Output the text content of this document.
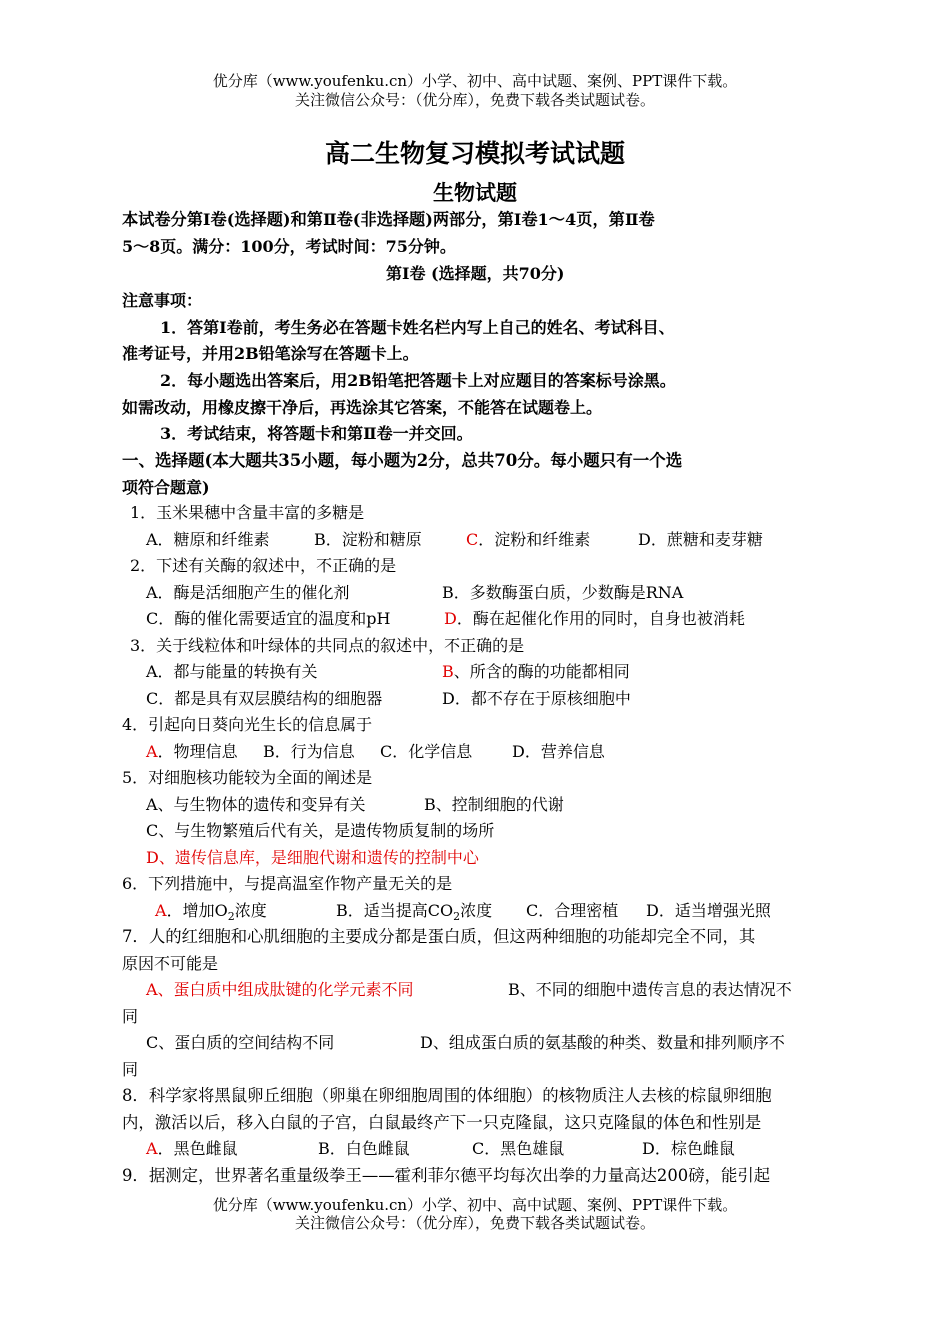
优分库（www.youfenku.cn）小学、初中、高中试题、案例、PPT课件下载。
关注微信公众号：（优分库），免费下载各类试题试卷。
高二生物复习模拟考试试题
生物试题
本试卷分第Ⅰ卷(选择题)和第Ⅱ卷(非选择题)两部分，第Ⅰ卷1～4页，第Ⅱ卷
5～8页。满分：100分，考试时间：75分钟。
第Ⅰ卷 (选择题，共70分)
注意事项：
1．答第Ⅰ卷前，考生务必在答题卡姓名栏内写上自己的姓名、考试科目、
准考证号，并用2B铅笔涂写在答题卡上。
2．每小题选出答案后，用2B铅笔把答题卡上对应题目的答案标号涂黑。
如需改动，用橡皮擦干净后，再选涂其它答案，不能答在试题卷上。
3．考试结束，将答题卡和第Ⅱ卷一并交回。
一、选择题(本大题共35小题，每小题为2分，总共70分。每小题只有一个选
项符合题意)
1．玉米果穗中含量丰富的多糖是
A．糖原和纤维素	B．淀粉和糖原	C．淀粉和纤维素	D．蔗糖和麦芽糖
2．下述有关酶的叙述中，不正确的是
A．酶是活细胞产生的催化剂	B．多数酶蛋白质，少数酶是RNA
C．酶的催化需要适宜的温度和pH	D．酶在起催化作用的同时，自身也被消耗
3．关于线粒体和叶绿体的共同点的叙述中，不正确的是
A．都与能量的转换有关	B、所含的酶的功能都相同
C．都是具有双层膜结构的细胞器	D．都不存在于原核细胞中
4．引起向日葵向光生长的信息属于
A．物理信息 B．行为信息 C．化学信息 D．营养信息
5．对细胞核功能较为全面的阐述是
A、与生物体的遗传和变异有关	B、控制细胞的代谢
C、与生物繁殖后代有关，是遗传物质复制的场所
D、遗传信息库，是细胞代谢和遗传的控制中心
6．下列措施中，与提高温室作物产量无关的是
A．增加$O_2$浓度	B．适当提高$CO_2$浓度 C．合理密植 D．适当增强光照
7．人的红细胞和心肌细胞的主要成分都是蛋白质，但这两种细胞的功能却完全不同，其
原因不可能是
A、蛋白质中组成肽键的化学元素不同	B、不同的细胞中遗传言息的表达情况不
同
C、蛋白质的空间结构不同	D、组成蛋白质的氨基酸的种类、数量和排列顺序不
同
8．科学家将黑鼠卵丘细胞（卵巢在卵细胞周围的体细胞）的核物质注人去核的棕鼠卵细胞
内，激活以后，移入白鼠的子宫，白鼠最终产下一只克隆鼠，这只克隆鼠的体色和性别是
A．黑色雌鼠	B．白色雌鼠	C．黑色雄鼠	D．棕色雌鼠
9．据测定，世界著名重量级拳王——霍利菲尔德平均每次出拳的力量高达200磅，能引起
优分库（www.youfenku.cn）小学、初中、高中试题、案例、PPT课件下载。
关注微信公众号：（优分库），免费下载各类试题试卷。
